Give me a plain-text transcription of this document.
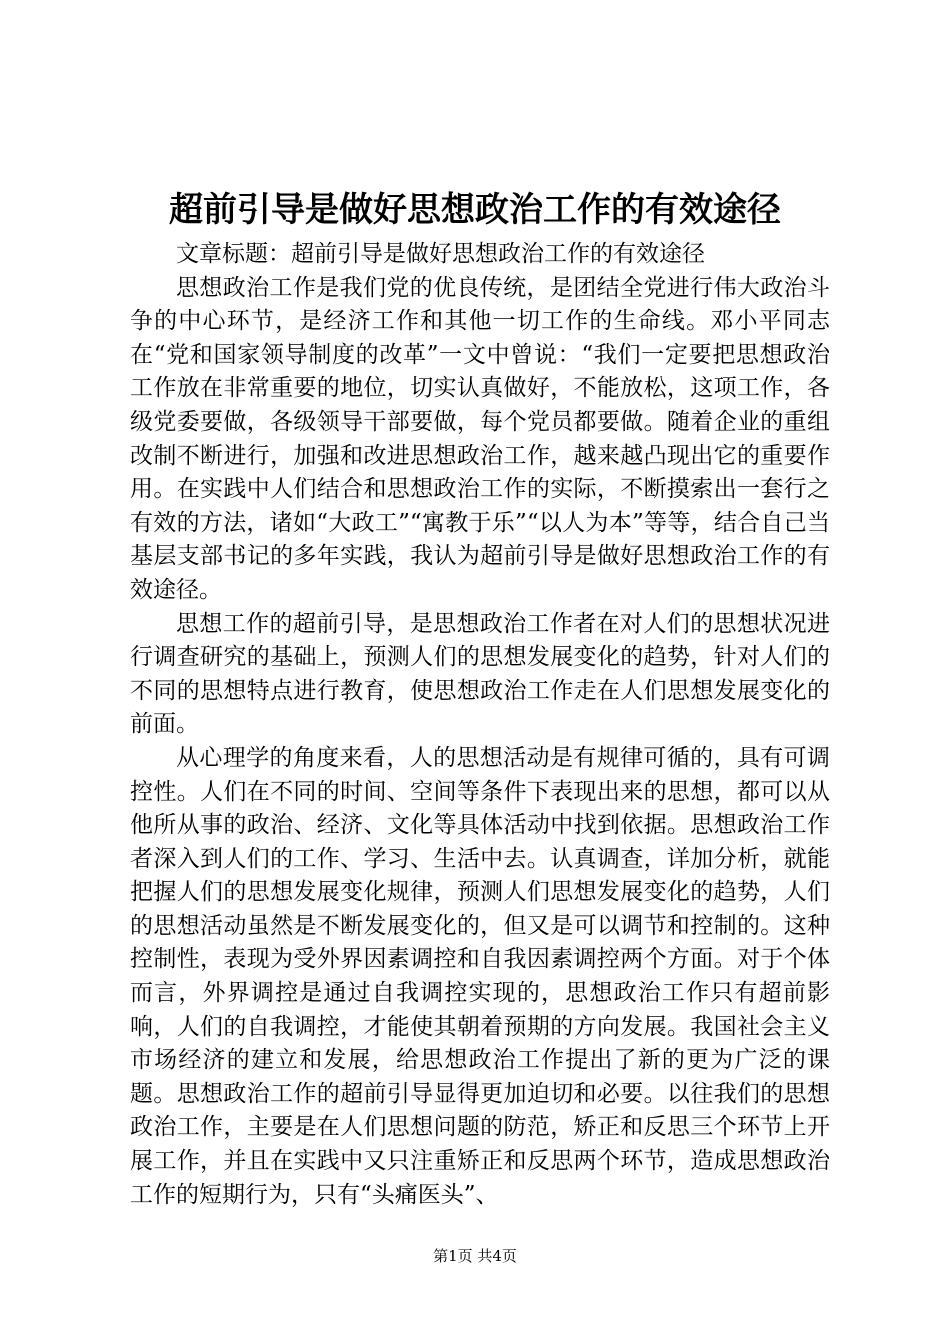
超前引导是做好思想政治工作的有效途径

文章标题：超前引导是做好思想政治工作的有效途径

思想政治工作是我们党的优良传统，是团结全党进行伟大政治斗争的中心环节，是经济工作和其他一切工作的生命线。邓小平同志在“党和国家领导制度的改革”一文中曾说：“我们一定要把思想政治工作放在非常重要的地位，切实认真做好，不能放松，这项工作，各级党委要做，各级领导干部要做，每个党员都要做。随着企业的重组改制不断进行，加强和改进思想政治工作，越来越凸现出它的重要作用。在实践中人们结合和思想政治工作的实际，不断摸索出一套行之有效的方法，诸如“大政工”“寓教于乐”“以人为本”等等，结合自己当基层支部书记的多年实践，我认为超前引导是做好思想政治工作的有效途径。

思想工作的超前引导，是思想政治工作者在对人们的思想状况进行调查研究的基础上，预测人们的思想发展变化的趋势，针对人们的不同的思想特点进行教育，使思想政治工作走在人们思想发展变化的前面。

从心理学的角度来看，人的思想活动是有规律可循的，具有可调控性。人们在不同的时间、空间等条件下表现出来的思想，都可以从他所从事的政治、经济、文化等具体活动中找到依据。思想政治工作者深入到人们的工作、学习、生活中去。认真调查，详加分析，就能把握人们的思想发展变化规律，预测人们思想发展变化的趋势，人们的思想活动虽然是不断发展变化的，但又是可以调节和控制的。这种控制性，表现为受外界因素调控和自我因素调控两个方面。对于个体而言，外界调控是通过自我调控实现的，思想政治工作只有超前影响，人们的自我调控，才能使其朝着预期的方向发展。我国社会主义市场经济的建立和发展，给思想政治工作提出了新的更为广泛的课题。思想政治工作的超前引导显得更加迫切和必要。以往我们的思想政治工作，主要是在人们思想问题的防范，矫正和反思三个环节上开展工作，并且在实践中又只注重矫正和反思两个环节，造成思想政治工作的短期行为，只有“头痛医头”、

第1页 共4页
